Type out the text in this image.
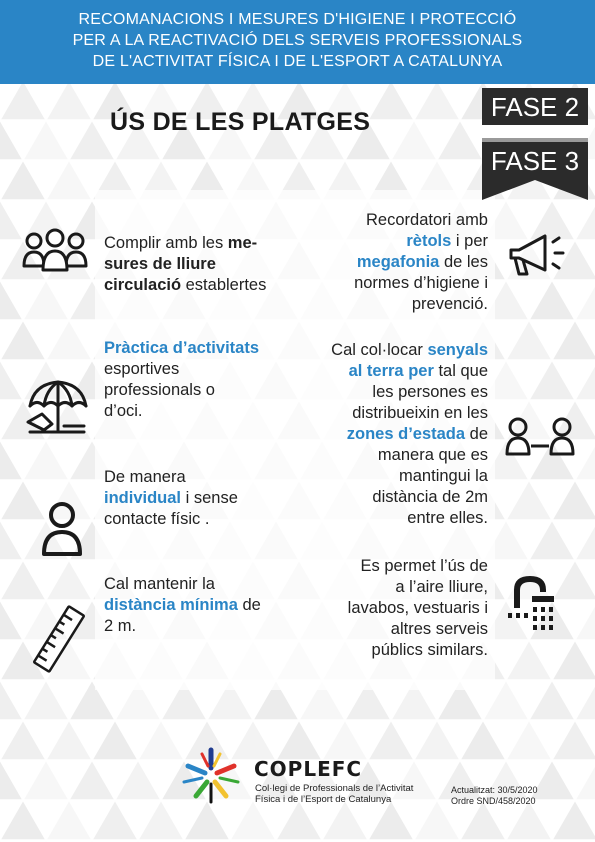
RECOMANACIONS I MESURES D'HIGIENE I PROTECCIÓ
PER A LA REACTIVACIÓ DELS SERVEIS PROFESSIONALS
DE L'ACTIVITAT FÍSICA I DE L'ESPORT A CATALUNYA
ÚS DE LES PLATGES	FASE 2
FASE 3
Complir amb les me-
sures de lliure
circulació establertes
Pràctica d’activitats
esportives
professionals o
d’oci.
De manera
individual i sense
contacte físic .
Cal mantenir la
distància mínima de
2 m.
Recordatori amb
rètols i per
megafonia de les
normes d’higiene i
prevenció.
Cal col·locar senyals
al terra per tal que
les persones es
distribueixin en les
zones d’estada de
manera que es
mantingui la
distància de 2m
entre elles.
Es permet l’ús de
a l’aire lliure,
lavabos, vestuaris i
altres serveis
públics similars.
COPLEFC
Col·legi de Professionals de l’Activitat
Física i de l’Esport de Catalunya
Actualitzat: 30/5/2020
Ordre SND/458/2020
